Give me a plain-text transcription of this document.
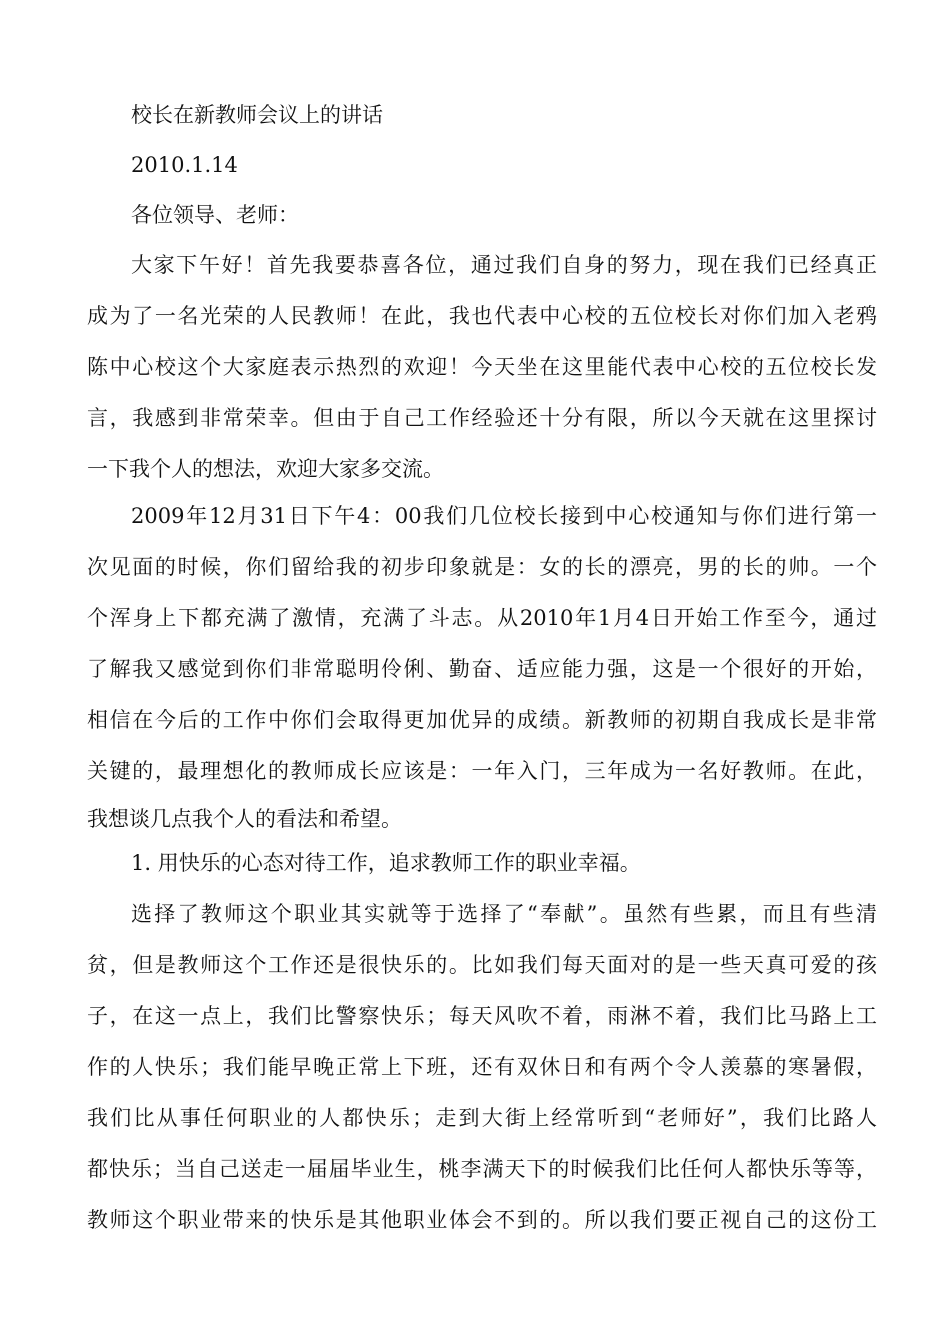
校长在新教师会议上的讲话
2010.1.14
各位领导、老师：
大家下午好！首先我要恭喜各位，通过我们自身的努力，现在我们已经真正
成为了一名光荣的人民教师！在此，我也代表中心校的五位校长对你们加入老鸦
陈中心校这个大家庭表示热烈的欢迎！今天坐在这里能代表中心校的五位校长发
言，我感到非常荣幸。但由于自己工作经验还十分有限，所以今天就在这里探讨
一下我个人的想法，欢迎大家多交流。
2009年12月31日下午4：00我们几位校长接到中心校通知与你们进行第一
次见面的时候，你们留给我的初步印象就是：女的长的漂亮，男的长的帅。一个
个浑身上下都充满了激情，充满了斗志。从2010年1月4日开始工作至今，通过
了解我又感觉到你们非常聪明伶俐、勤奋、适应能力强，这是一个很好的开始，
相信在今后的工作中你们会取得更加优异的成绩。新教师的初期自我成长是非常
关键的，最理想化的教师成长应该是：一年入门，三年成为一名好教师。在此，
我想谈几点我个人的看法和希望。
1. 用快乐的心态对待工作，追求教师工作的职业幸福。
选择了教师这个职业其实就等于选择了“奉献”。虽然有些累，而且有些清
贫，但是教师这个工作还是很快乐的。比如我们每天面对的是一些天真可爱的孩
子，在这一点上，我们比警察快乐；每天风吹不着，雨淋不着，我们比马路上工
作的人快乐；我们能早晚正常上下班，还有双休日和有两个令人羡慕的寒暑假，
我们比从事任何职业的人都快乐；走到大街上经常听到“老师好”，我们比路人
都快乐；当自己送走一届届毕业生，桃李满天下的时候我们比任何人都快乐等等，
教师这个职业带来的快乐是其他职业体会不到的。所以我们要正视自己的这份工
